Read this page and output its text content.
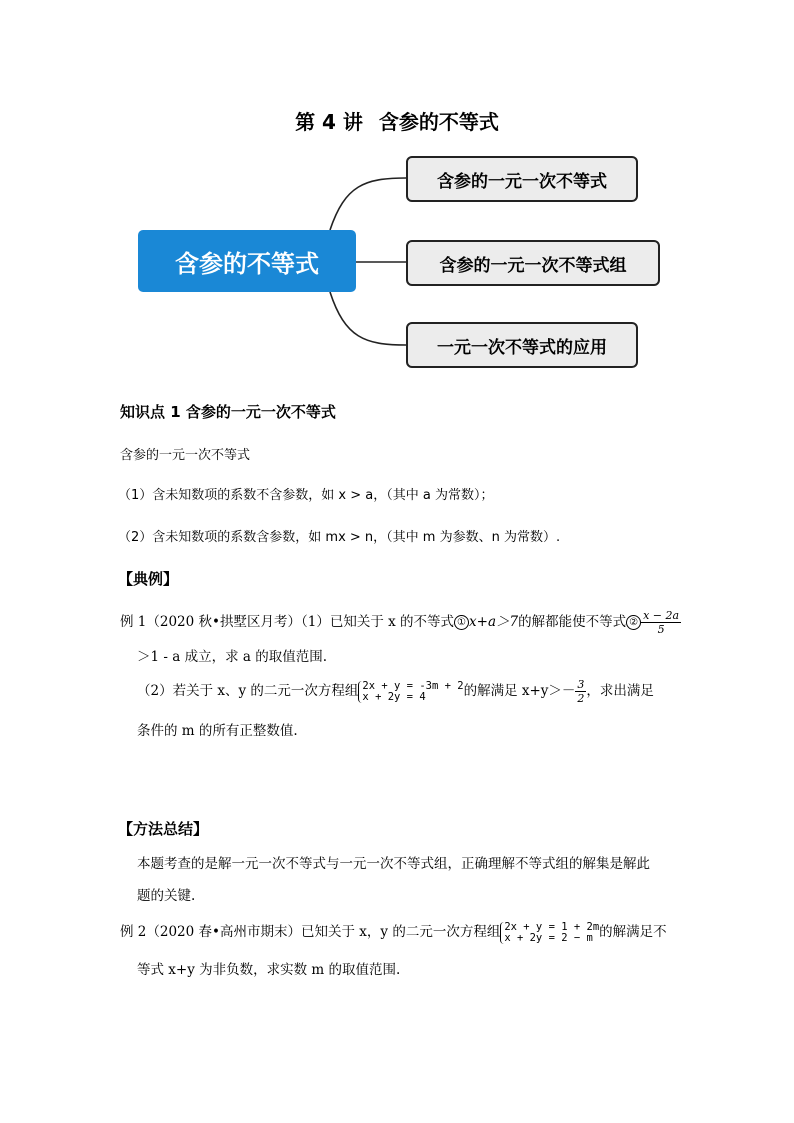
第 4 讲 含参的不等式
含参的不等式
含参的一元一次不等式
含参的一元一次不等式组
一元一次不等式的应用
知识点 1 含参的一元一次不等式
含参的一元一次不等式
（1）含未知数项的系数不含参数，如 x > a，（其中 a 为常数）；
（2）含未知数项的系数含参数，如 mx > n，（其中 m 为参数、n 为常数）.
【典例】
例 1（2020 秋•拱墅区月考）（1）已知关于 x 的不等式 ① x+a＞7的解都能使不等式 ② $\frac{x - 2a}{5}$
＞1 - a 成立，求 a 的取值范围.
（2）若关于 x、y 的二元一次方程组 2x + y = -3m + 2
x + 2y = 4	的解满足 $x+y>- \frac{3}{2}$ ，求出满足
条件的 m 的所有正整数值.
【方法总结】
本题考查的是解一元一次不等式与一元一次不等式组，正确理解不等式组的解集是解此
题的关键.
例 2（2020 春•高州市期末）已知关于 x，y 的二元一次方程组 2x + y = 1 + 2m
x + 2y = 2 − m 的解满足不
等式 x+y 为非负数，求实数 m 的取值范围.
